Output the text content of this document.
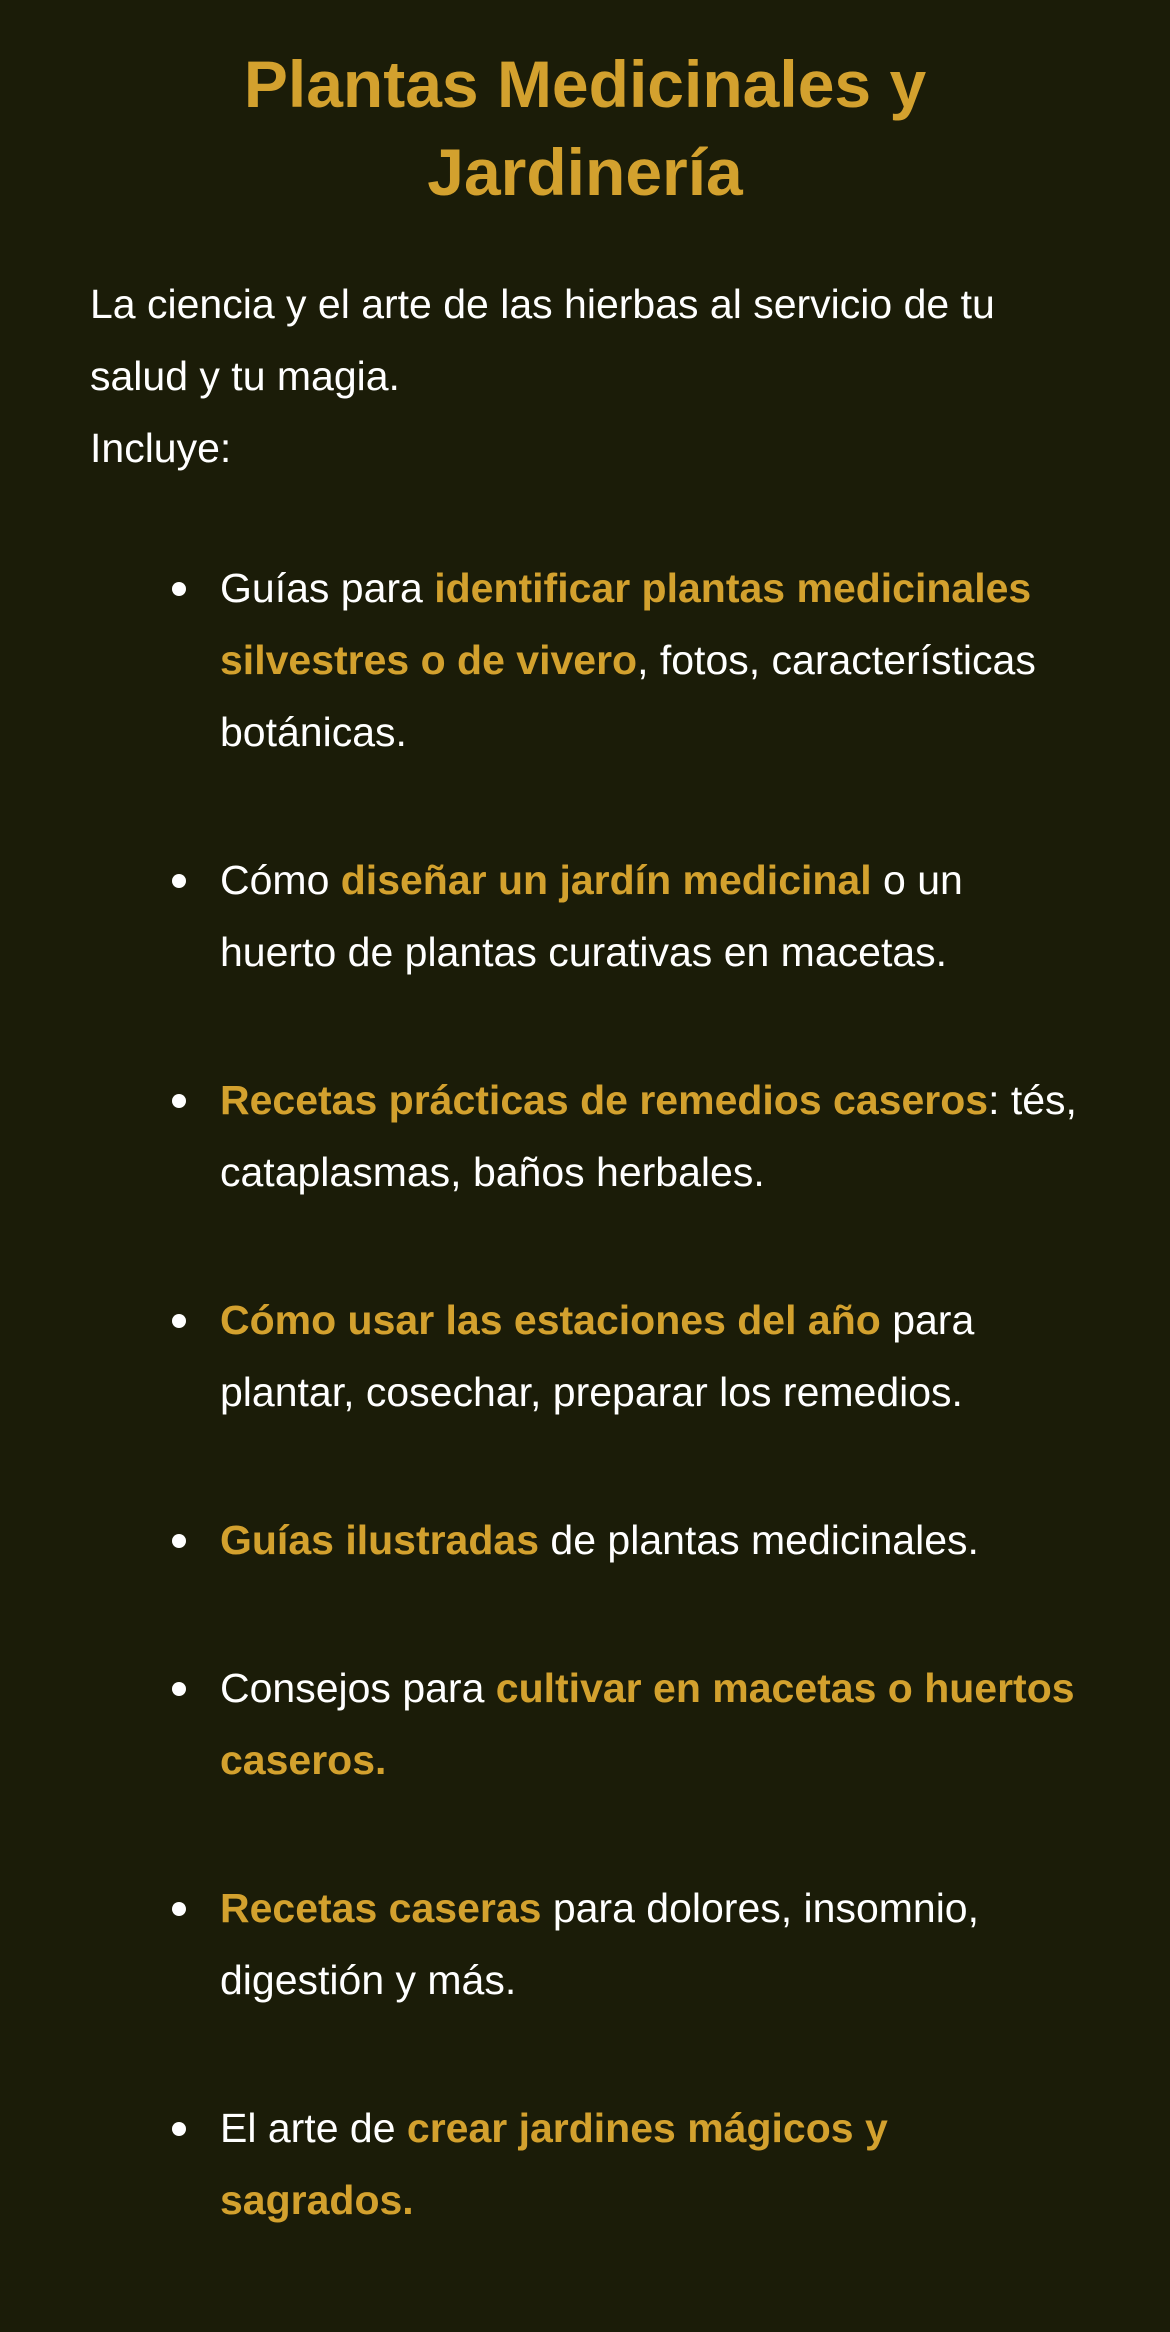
Plantas Medicinales y Jardinería
La ciencia y el arte de las hierbas al servicio de tu salud y tu magia.
Incluye:
Guías para identificar plantas medicinales silvestres o de vivero, fotos, características botánicas.
Cómo diseñar un jardín medicinal o un huerto de plantas curativas en macetas.
Recetas prácticas de remedios caseros: tés, cataplasmas, baños herbales.
Cómo usar las estaciones del año para plantar, cosechar, preparar los remedios.
Guías ilustradas de plantas medicinales.
Consejos para cultivar en macetas o huertos caseros.
Recetas caseras para dolores, insomnio, digestión y más.
El arte de crear jardines mágicos y sagrados.
